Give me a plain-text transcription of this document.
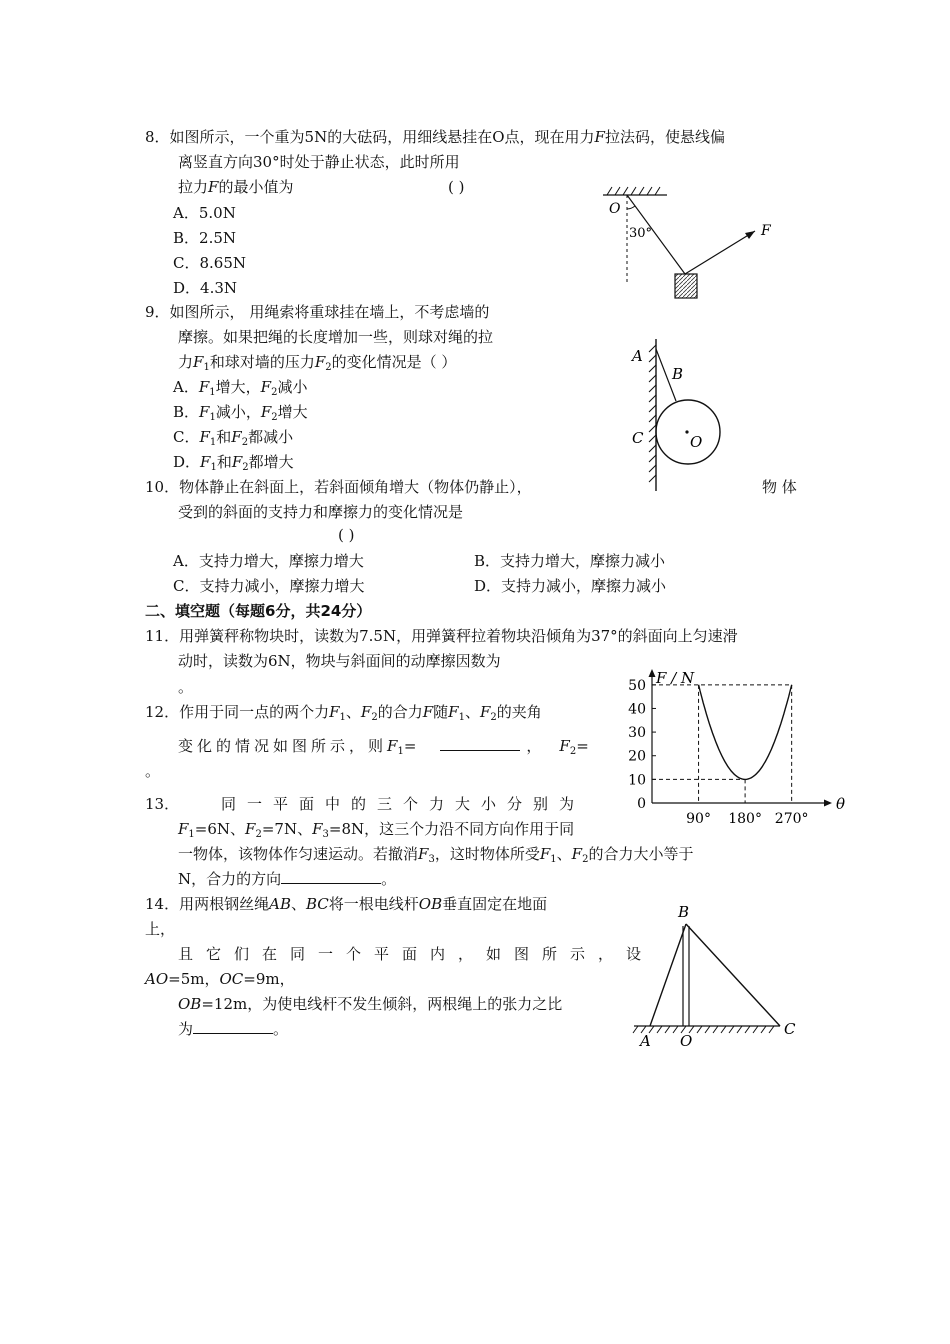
8．如图所示，一个重为5N的大砝码，用细线悬挂在O点，现在用力F拉法码，使悬线偏
离竖直方向30°时处于静止状态，此时所用
拉力F的最小值为	( )
A．5.0N
B．2.5N
C．8.65N
D．4.3N
O
30°	F
9．如图所示， 用绳索将重球挂在墙上，不考虑墙的
摩擦。如果把绳的长度增加一些，则球对绳的拉
力$F_1$和球对墙的压力$F_2$的变化情况是（ ）
A．$F_1$增大，$F_2$减小
B．$F_1$减小，$F_2$增大
C．$F_1$和$F_2$都减小
D．$F_1$和$F_2$都增大
A
B
C	O
10．物体静止在斜面上，若斜面倾角增大（物体仍静止），	物 体
受到的斜面的支持力和摩擦力的变化情况是
( )
A．支持力增大，摩擦力增大	B．支持力增大，摩擦力减小
C．支持力减小，摩擦力增大	D．支持力减小，摩擦力减小
二、填空题（每题6分，共24分）
11．用弹簧秤称物块时，读数为7.5N，用弹簧秤拉着物块沿倾角为37°的斜面向上匀速滑
动时，读数为6N，物块与斜面间的动摩擦因数为
。
12．作用于同一点的两个力$F_1$、$F_2$的合力F随$F_1$、$F_2$的夹角
变化的情况如图所示，则$F_1=$	， $F_2=$
。
0
10
20
30
40
50
90° 180° 270°
F / N
θ
13．	同一平面中的三个力大小分别为
$F_1=6N$、$F_2=7N$、$F_3=8N$，这三个力沿不同方向作用于同
一物体，该物体作匀速运动。若撤消$F_3$，这时物体所受$F_1$、$F_2$的合力大小等于
N，合力的方向	。
14．用两根钢丝绳AB、BC将一根电线杆OB垂直固定在地面
上，
且它们在同一个平面内，如图所示，设
AO=5m，OC=9m，
OB=12m，为使电线杆不发生倾斜，两根绳上的张力之比
为	。
B
A O
C
